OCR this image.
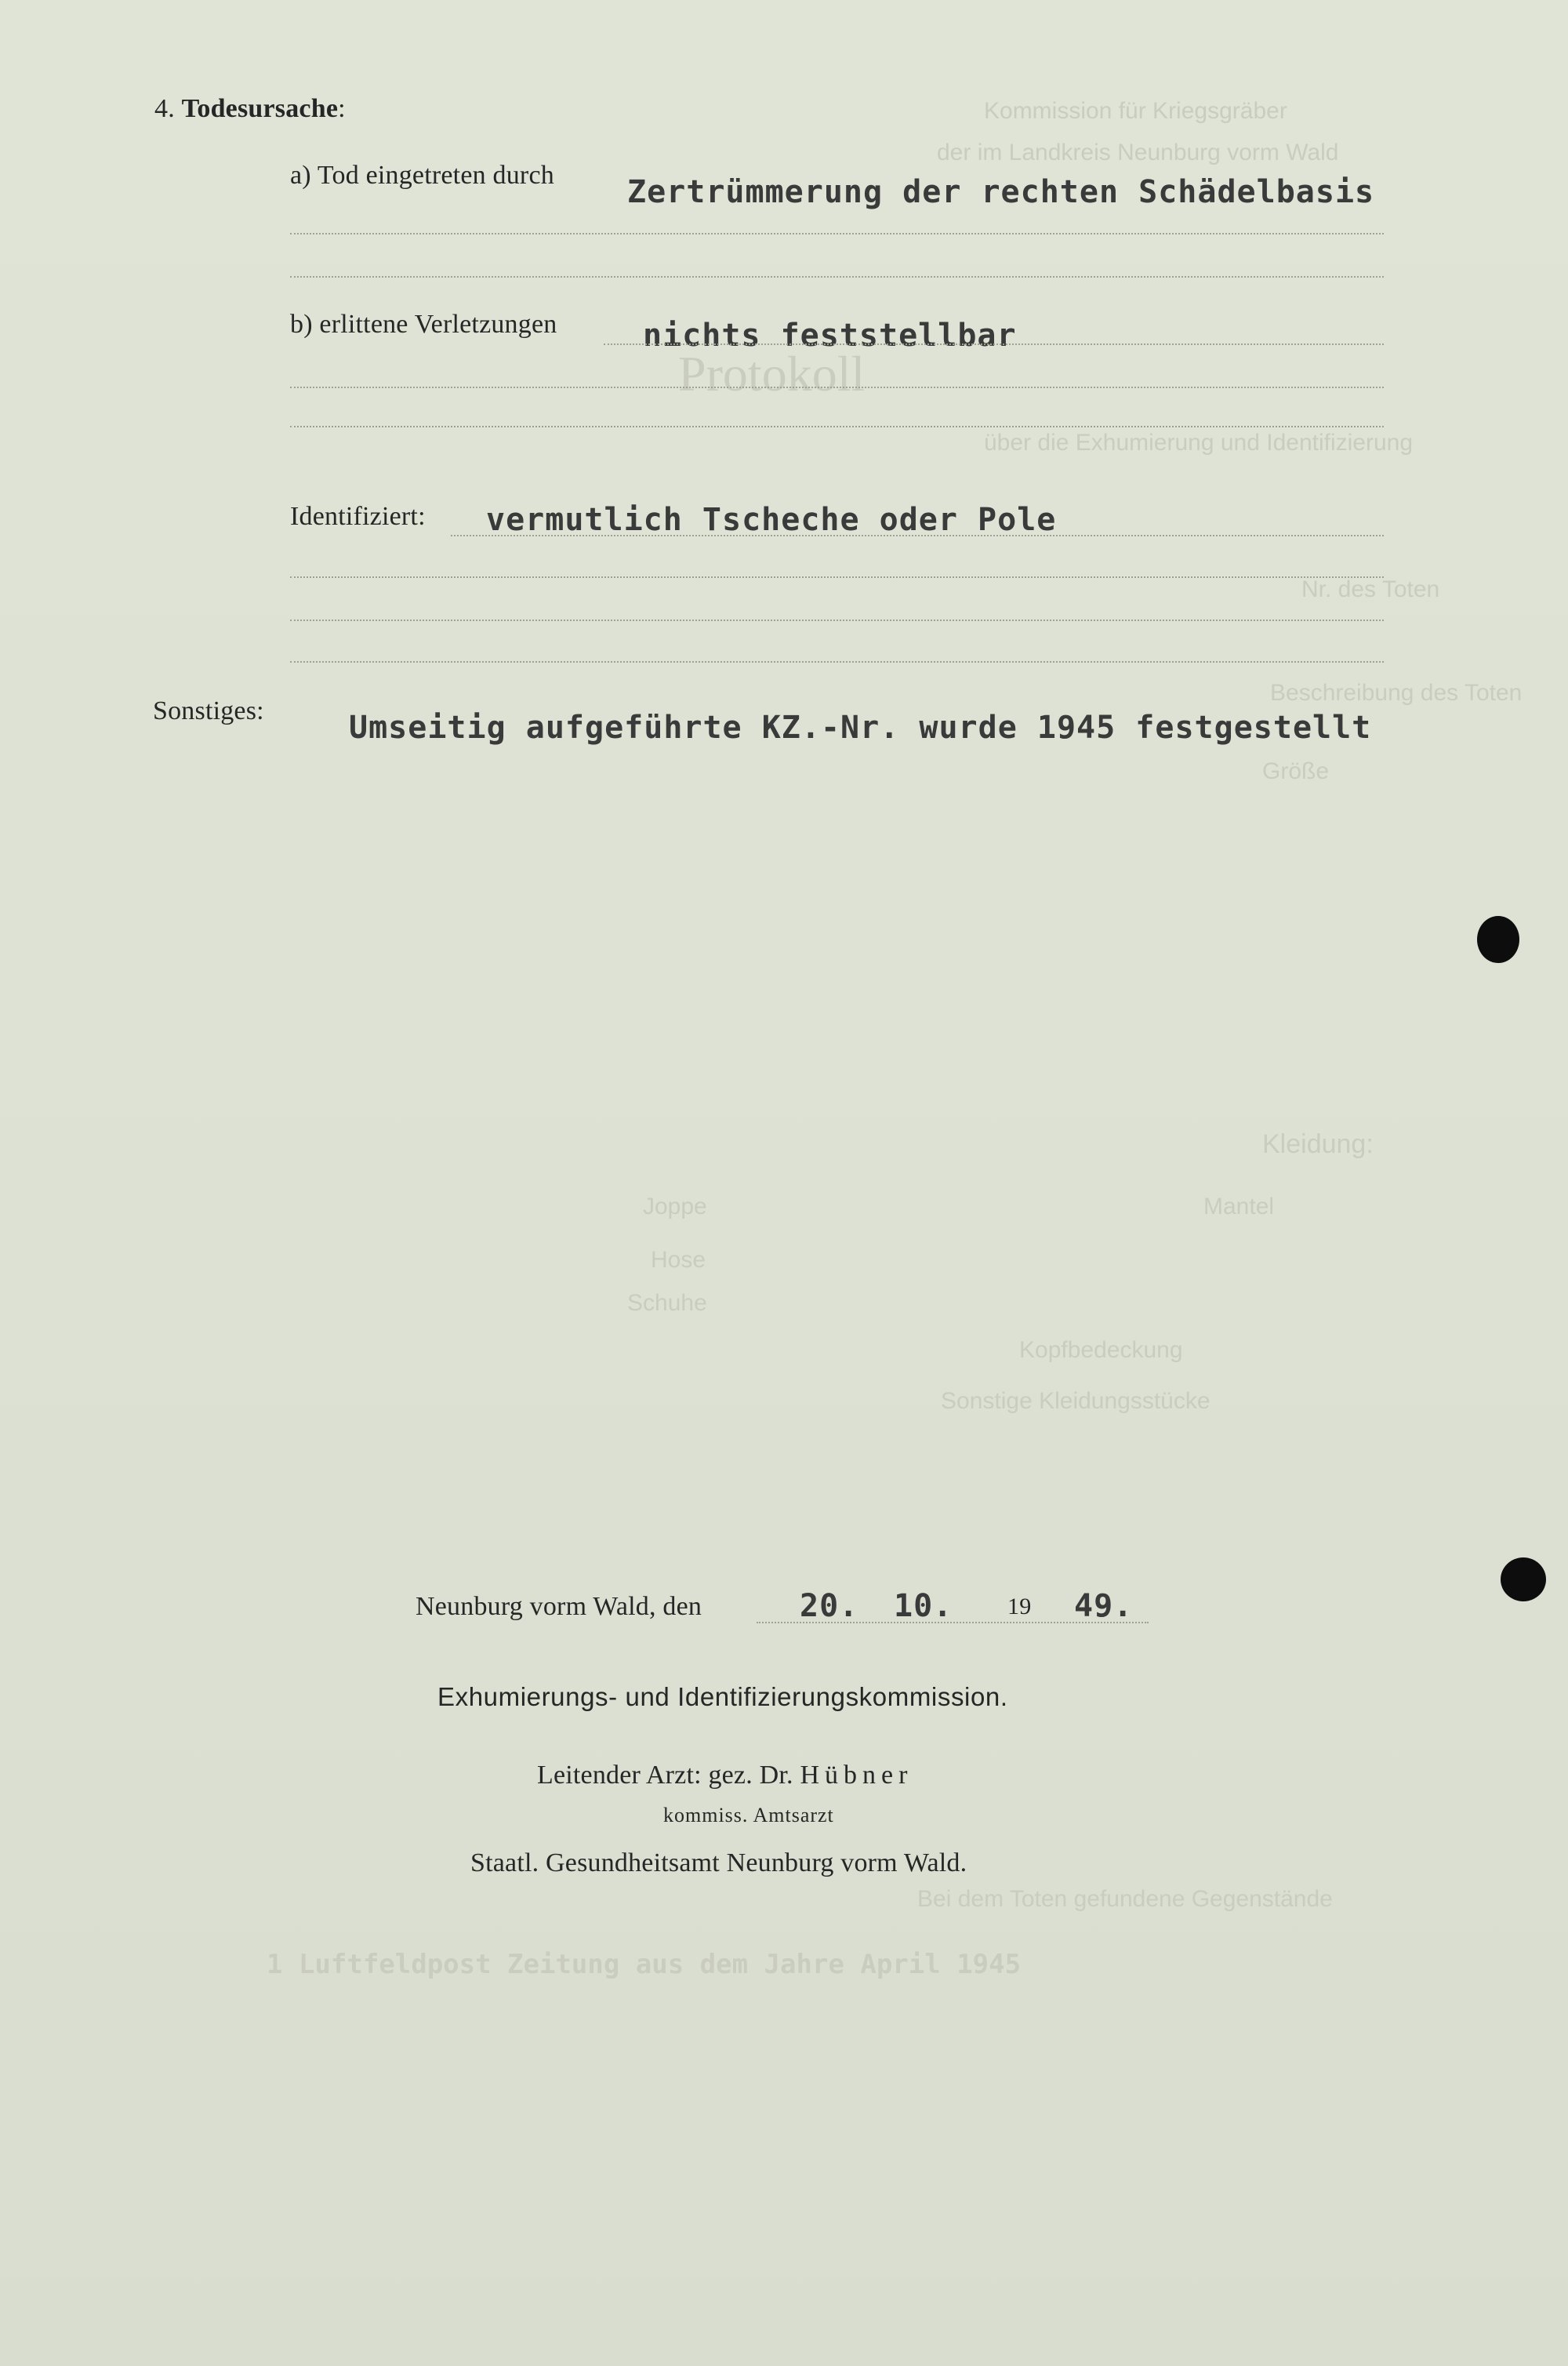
Kommission für Kriegsgräber
der im Landkreis Neunburg vorm Wald
Protokoll
über die Exhumierung und Identifizierung
Nr. des Toten
Beschreibung des Toten
Größe
Kleidung:
Mantel
Joppe
Hose
Schuhe
Kopfbedeckung
Sonstige Kleidungsstücke
Bei dem Toten gefundene Gegenstände
1 Luftfeldpost Zeitung aus dem Jahre April 1945
4. Todesursache:
a) Tod eingetreten durch Zertrümmerung der rechten Schädelbasis
b) erlittene Verletzungen	nichts feststellbar
Identifiziert: vermutlich Tscheche oder Pole
Sonstiges:	Umseitig aufgeführte KZ.-Nr. wurde 1945 festgestellt
Neunburg vorm Wald, den	20. 10. 19 49.
Exhumierungs- und Identifizierungskommission.
Leitender Arzt: gez. Dr. Hübner
kommiss. Amtsarzt
Staatl. Gesundheitsamt Neunburg vorm Wald.
